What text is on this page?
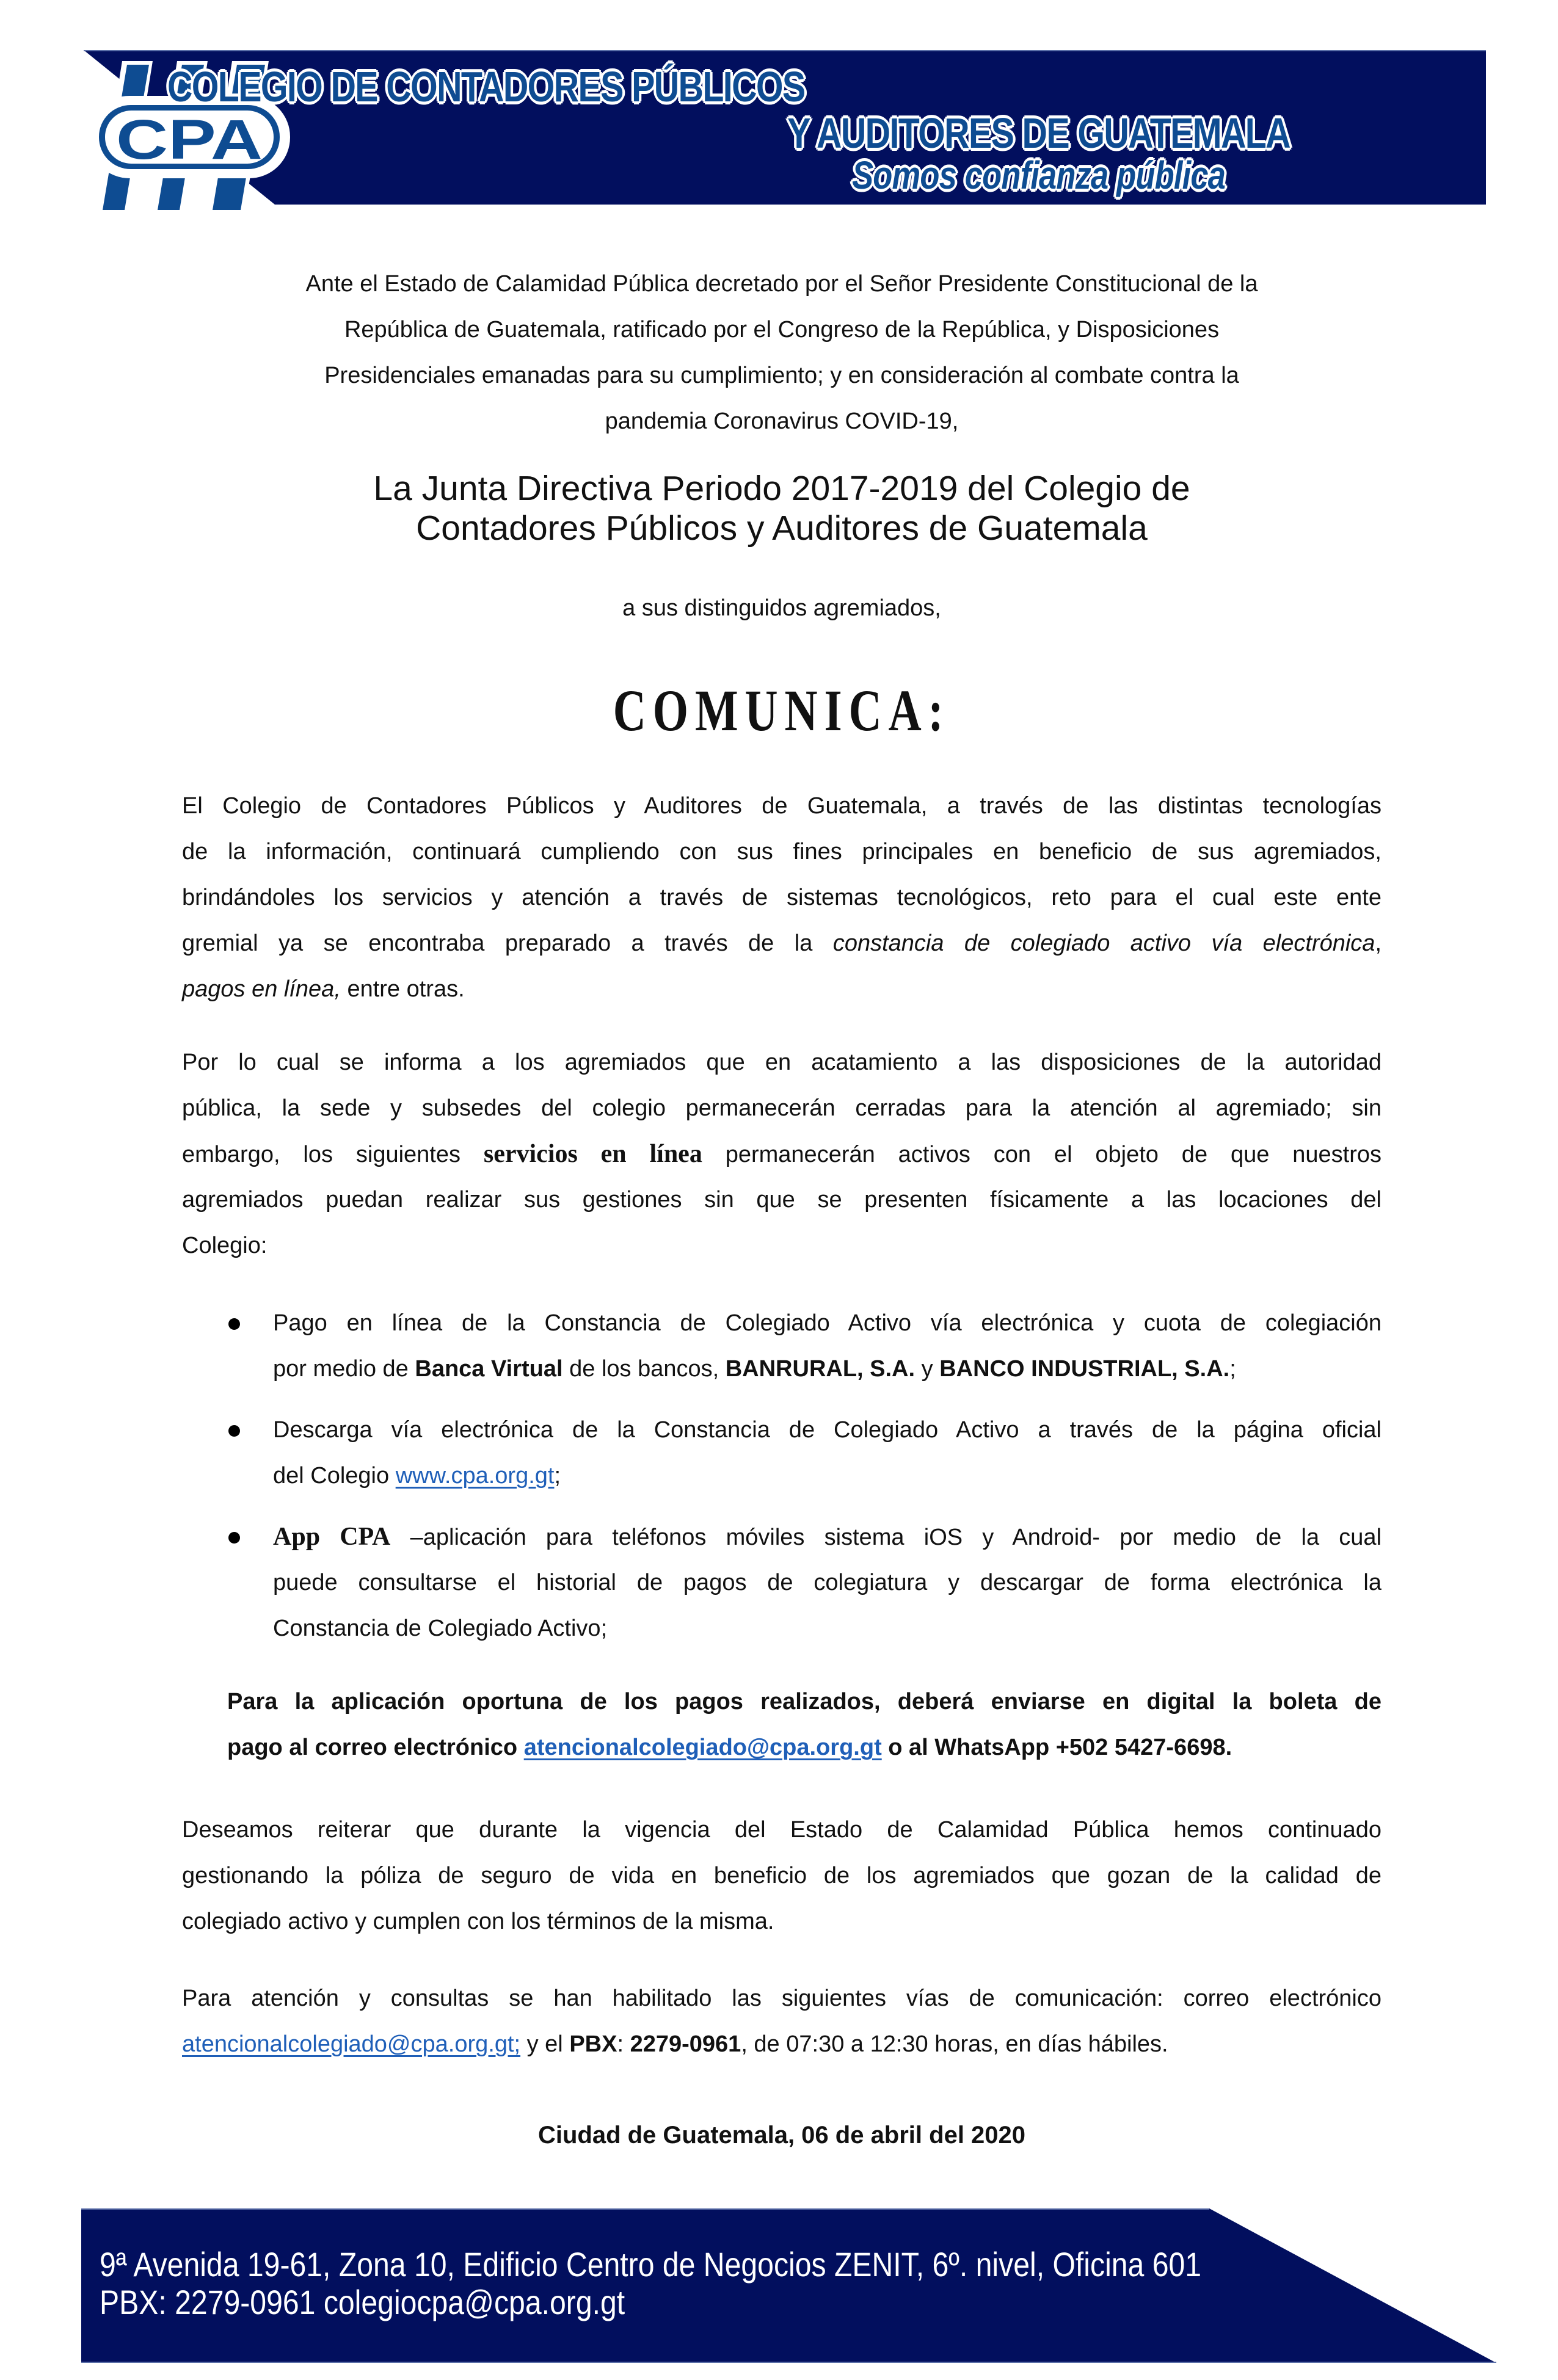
CPA
COLEGIO DE CONTADORES PÚBLICOS
Y AUDITORES DE GUATEMALA
Somos confianza pública
Ante el Estado de Calamidad Pública decretado por el Señor Presidente Constitucional de la
República de Guatemala, ratificado por el Congreso de la República, y Disposiciones
Presidenciales emanadas para su cumplimiento; y en consideración al combate contra la
pandemia Coronavirus COVID-19,
La Junta Directiva Periodo 2017-2019 del Colegio de
Contadores Públicos y Auditores de Guatemala
a sus distinguidos agremiados,
COMUNICA:
El Colegio de Contadores Públicos y Auditores de Guatemala, a través de las distintas tecnologías
de la información, continuará cumpliendo con sus fines principales en beneficio de sus agremiados,
brindándoles los servicios y atención a través de sistemas tecnológicos, reto para el cual este ente
gremial ya se encontraba preparado a través de la constancia de colegiado activo vía electrónica,
pagos en línea, entre otras.
Por lo cual se informa a los agremiados que en acatamiento a las disposiciones de la autoridad
pública, la sede y subsedes del colegio permanecerán cerradas para la atención al agremiado; sin
embargo, los siguientes servicios en línea permanecerán activos con el objeto de que nuestros
agremiados puedan realizar sus gestiones sin que se presenten físicamente a las locaciones del
Colegio:
Pago en línea de la Constancia de Colegiado Activo vía electrónica y cuota de colegiación
por medio de Banca Virtual de los bancos, BANRURAL, S.A. y BANCO INDUSTRIAL, S.A.;
Descarga vía electrónica de la Constancia de Colegiado Activo a través de la página oficial
del Colegio www.cpa.org.gt;
App CPA –aplicación para teléfonos móviles sistema iOS y Android- por medio de la cual
puede consultarse el historial de pagos de colegiatura y descargar de forma electrónica la
Constancia de Colegiado Activo;
Para la aplicación oportuna de los pagos realizados, deberá enviarse en digital la boleta de
pago al correo electrónico atencionalcolegiado@cpa.org.gt o al WhatsApp +502 5427-6698.
Deseamos reiterar que durante la vigencia del Estado de Calamidad Pública hemos continuado
gestionando la póliza de seguro de vida en beneficio de los agremiados que gozan de la calidad de
colegiado activo y cumplen con los términos de la misma.
Para atención y consultas se han habilitado las siguientes vías de comunicación: correo electrónico
atencionalcolegiado@cpa.org.gt; y el PBX: 2279-0961, de 07:30 a 12:30 horas, en días hábiles.
Ciudad de Guatemala, 06 de abril del 2020
9ª Avenida 19-61, Zona 10, Edificio Centro de Negocios ZENIT, 6º. nivel, Oficina 601
PBX: 2279-0961 colegiocpa@cpa.org.gt
